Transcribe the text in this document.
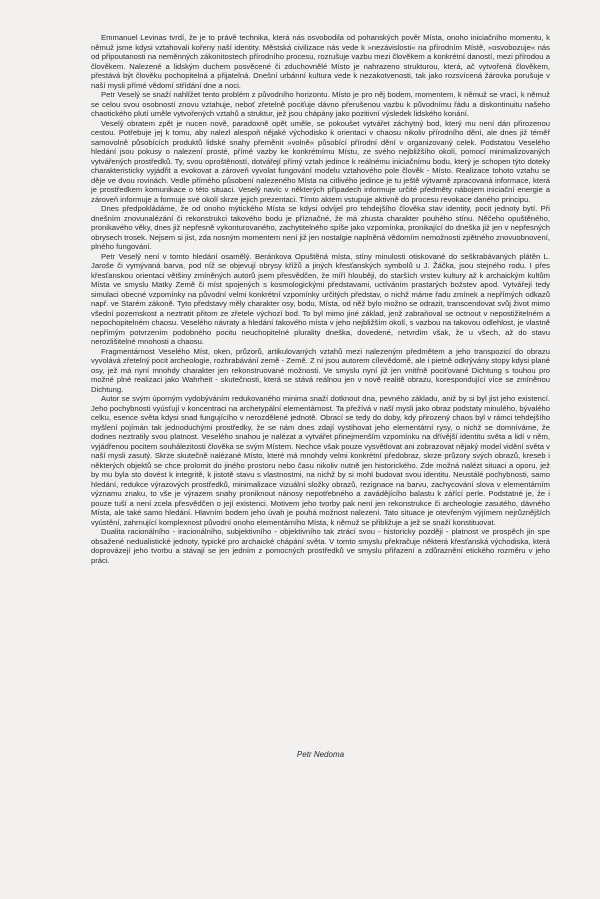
Emmanuel Levinas tvrdí, že je to právě technika, která nás osvobodila od pohanských pověr Místa, onoho iniciačního momentu, k němuž jsme kdysi vztahovali kořeny naší identity. Městská civilizace nás vede k »nezávislosti« na přírodním Místě, »osvobozuje« nás od připoutanosti na neměnných zákonitostech přírodního procesu, rozrušuje vazbu mezi člověkem a konkrétní daností, mezi přírodou a člověkem. Nalezené a lidským duchem posvěcené či zduchovnělé Místo je nahrazeno strukturou, která, ač vytvořená člověkem, přestává být člověku pochopitelná a přijatelná. Dnešní urbánní kultura vede k nezakotvenosti, tak jako rozsvícená žárovka porušuje v naší mysli přímé vědomí střídání dne a noci.

Petr Veselý se snaží nahlížet tento problém z původního horizontu. Místo je pro něj bodem, momentem, k němuž se vrací, k němuž se celou svou osobností znovu vztahuje, neboť zřetelně pociťuje dávno přerušenou vazbu k původnímu řádu a diskontinuitu našeho chaotického plutí uměle vytvořených vztahů a struktur, jež jsou chápány jako pozitivní výsledek lidského konání.

Veselý obratem zpět je nucen nově, paradoxně opět uměle, se pokoušet vytvářet záchytný bod, který mu není dán přirozenou cestou. Potřebuje jej k tomu, aby nalezl alespoň nějaké východisko k orientaci v chaosu nikoliv přírodního dění, ale dnes již téměř samovolně působících produktů lidské snahy přeměnit »volně« působící přírodní dění v organizovaný celek. Podstatou Veselého hledání jsou pokusy o nalezení prosté, přímé vazby ke konkrétnímu Místu, ze svého nejbližšího okolí, pomocí minimalizovaných vytvářených prostředků. Ty, svou oproštěností, dotvářejí přímý vztah jedince k reálnému iniciačnímu bodu, který je schopen týto doteky charakteristicky vyjádřit a evokovat a zároveň vyvolat fungování modelu vztahového pole člověk - Místo. Realizace tohoto vztahu se děje ve dvou rovinách. Vedle přímého působení nalezeného Místa na citlivého jedince je tu ještě výtvarně zpracovaná informace, která je prostředkem komunikace o této situaci. Veselý navíc v některých případech informuje určité předměty nábojem iniciační energie a zároveň informuje a formuje své okolí skrze jejich prezentaci. Tímto aktem vstupuje aktivně do procesu revokace daného principu.

Dnes předpokládáme, že od onoho mýtického Místa se kdysi odvíjel pro tehdejšího člověka stav identity, pocit jednoty bytí. Při dnešním znovunalézání či rekonstrukci takového bodu je příznačné, že má zhusta charakter pouhého stínu. Něčeho opuštěného, pronikavého věky, dnes již nepřesně vykonturovaného, zachytitelného spíše jako vzpomínka, pronikající do dneška již jen v nepřesných obrysech trosek. Nejsem si jist, zda nosným momentem není již jen nostalgie naplněná vědomím nemožnosti zpětného znovuobnovení, plného fungování.

Petr Veselý není v tomto hledání osamělý. Beránkova Opuštěná místa, stíny minulosti otiskované do seškrabávaných plátěn L. Jaroše či vymývaná barva, pod níž se objevují obrysy křížů a jiných křesťanských symbolů u J. Žáčka, jsou stejného rodu. I přes křesťanskou orientaci většiny zmíněných autorů jsem přesvědčen, že míří hlouběji, do starších vrstev kultury až k archaickým kultům Místa ve smyslu Matky Země či míst spojených s kosmologickými představami, uctíváním prastarých božstev apod. Vytvářejí tedy simulaci obecné vzpomínky na původní velmi konkrétní vzpomínky určitých představ, o nichž máme řadu zmínek a nepřímých odkazů např. ve Starém zákoně. Tyto představy měly charakter osy, bodu, Místa, od něž bylo možno se odrazit, transcendovat svůj život mimo všední pozemskost a neztratit přitom ze zřetele výchozí bod. To byl mimo jiné základ, jenž zabraňoval se octnout v nepostižitelném a nepochopitelném chaosu. Veselého návraty a hledání takového místa v jeho nejbližším okolí, s vazbou na takovou odlehlost, je vlastně nepřímým potvrzením podobného pocitu neuchopitelné plurality dneška, dovedené, netvrdím však, že u všech, až do stavu nerozlišitelné mnohosti a chaosu.

Fragmentárnost Veselého Míst, oken, průzorů, artikulovaných vztahů mezi nalezeným předmětem a jeho transpozicí do obrazu vyvolává zřetelný pocit archeologie, rozhrabávání země - Země. Z ní jsou autorem cílevědomě, ale i pietně odkrývány stopy kdysi plané osy, jež má nyní mnohdy charakter jen rekonstruované možnosti. Ve smyslu nyní již jen vnitřně pociťované Dichtung s touhou pro možné plné realizaci jako Wahrheit - skutečnosti, která se stává reálnou jen v nově realitě obrazu, korespondující více se zmíněnou Dichtung.

Autor se svým úporným vydobýváním redukovaného minima snaží dotknout dna, pevného základu, aniž by si byl jist jeho existencí. Jeho pochybnosti vyúsťují v koncentraci na archetypální elementárnost. Ta přežívá v naší mysli jako obraz podstaty minulého, bývalého celku, esence světa kdysi snad fungujícího v nerozdělené jednotě. Obrací se tedy do doby, kdy přirozený chaos byl v rámci tehdejšího myšlení pojímán tak jednoduchými prostředky, že se nám dnes zdají vystihovat jeho elementární rysy, o nichž se domníváme, že dodnes neztratily svou platnost. Veselého snahou je nalézat a vytvářet přinejmenším vzpomínku na dřívější identitu světa a lidí v něm, vyjádřenou pocitem souhálezitosti člověka se svým Místem. Nechce však pouze vysvětlovat ani zobrazovat nějaký model vidění světa v naší mysli zasutý. Skrze skutečně nalézané Místo, které má mnohdy velmi konkrétní předobraz, skrze průzory svých obrazů, kreseb i některých objektů se chce prolomit do jiného prostoru nebo času nikoliv nutně jen historického. Zde možná nalézt situaci a oporu, jež by mu byla sto dovést k integritě, k jistotě stavu s vlastnostmi, na nichž by si mohl budovat svou identitu. Neustálé pochybnosti, samo hledání, redukce výrazových prostředků, minimalizace vizuální složky obrazů, rezignace na barvu, zachycování slova v elementárním významu znaku, to vše je výrazem snahy proniknout nánosy nepotřebného a zavádějícího balastu k zářící perle. Podstatné je, že i pouze tuší a není zcela přesvědčen o její existenci. Motivem jeho tvorby pak není jen rekonstrukce či archeologie zasutého, dávného Místa, ale také samo hledání. Hlavním bodem jeho úvah je pouhá možnost nalezení. Tato situace je otevřeným výjímem nejrůznějších vyústění, zahrnující komplexnost původní onoho elementárního Místa, k němuž se přibližuje a jež se snaží konstituovat.

Dualita racionálního - iracionálního, subjektivního - objektivního tak ztrácí svou - historicky později - platnost ve prospěch jin spe obsažené nedualistické jednoty, typické pro archaické chápání světa. V tomto smyslu překračuje některá křesťanská východiska, která doprovázejí jeho tvorbu a stávají se jen jedním z pomocných prostředků ve smyslu přiřazení a zdůraznění etického rozměru v jeho práci.

Petr Nedoma
